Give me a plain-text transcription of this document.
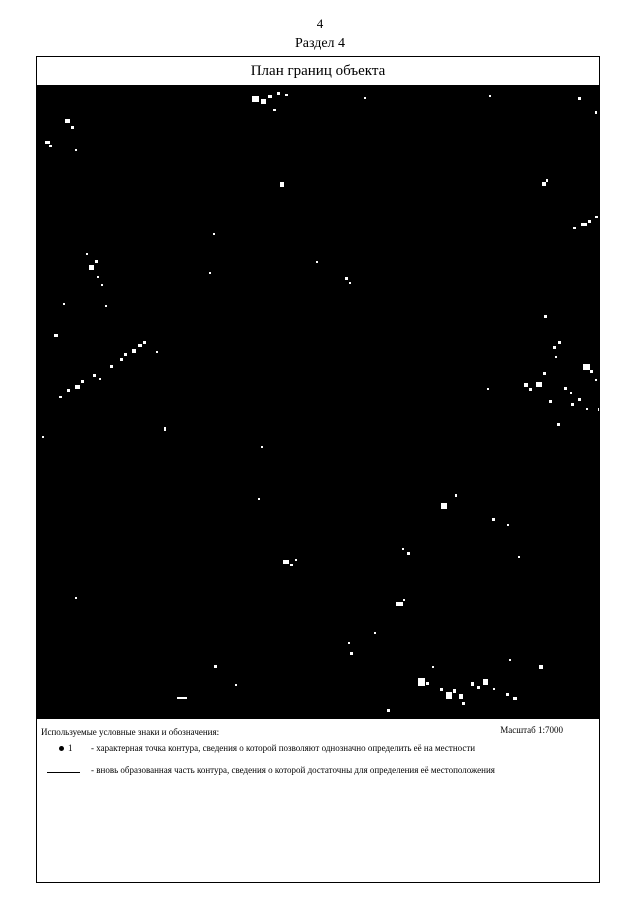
4
Раздел 4
План границ объекта
Используемые условные знаки и обозначения:	Масштаб 1:7000
1 - характерная точка контура, сведения о которой позволяют однозначно определить её на местности
- вновь образованная часть контура, сведения о которой достаточны для определения её местоположения
